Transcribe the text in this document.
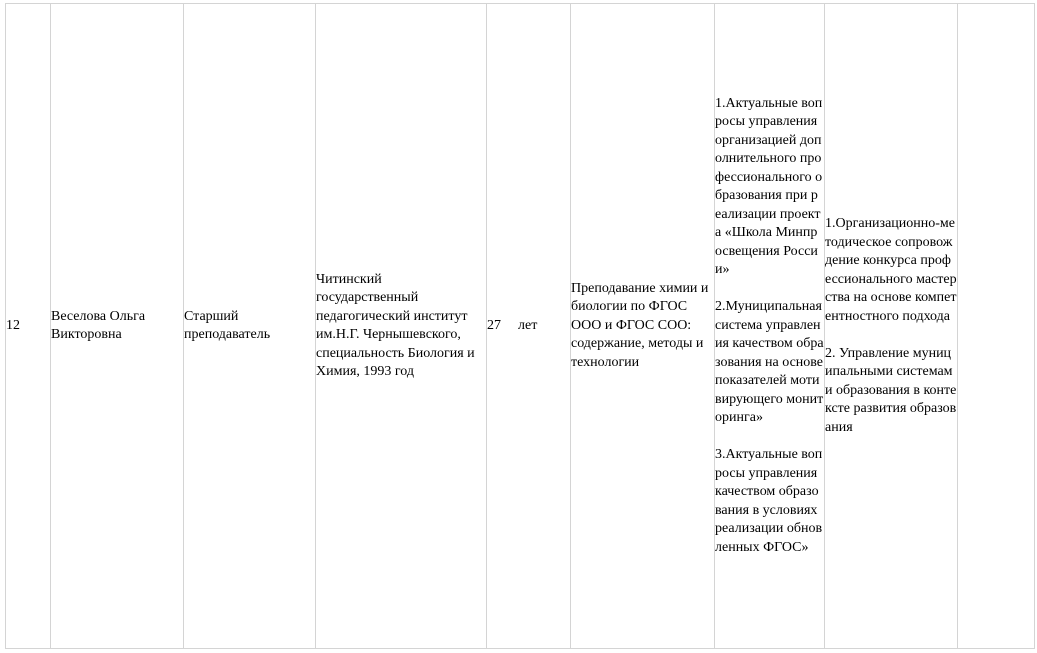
12	Веселова Ольга Викторовна	Старший преподаватель	Читинский государственный педагогический институт им.Н.Г. Чернышевского, специальность Биология и Химия, 1993 год	27 лет	Преподавание химии и биологии по ФГОС ООО и ФГОС СОО: содержание, методы и технологии	1.Актуальные вопросы управления организацией дополнительного профессионального образования при реализации проекта «Школа Минпросвещения России»
2.Муниципальная система управления качеством образования на основе показателей мотивирующего мониторинга»
3.Актуальные вопросы управления качеством образования в условиях реализации обновленных ФГОС»	1.Организационно-методическое сопровождение конкурса профессионального мастерства на основе компетентностного подхода
2. Управление муниципальными системами образования в контексте развития образования	
